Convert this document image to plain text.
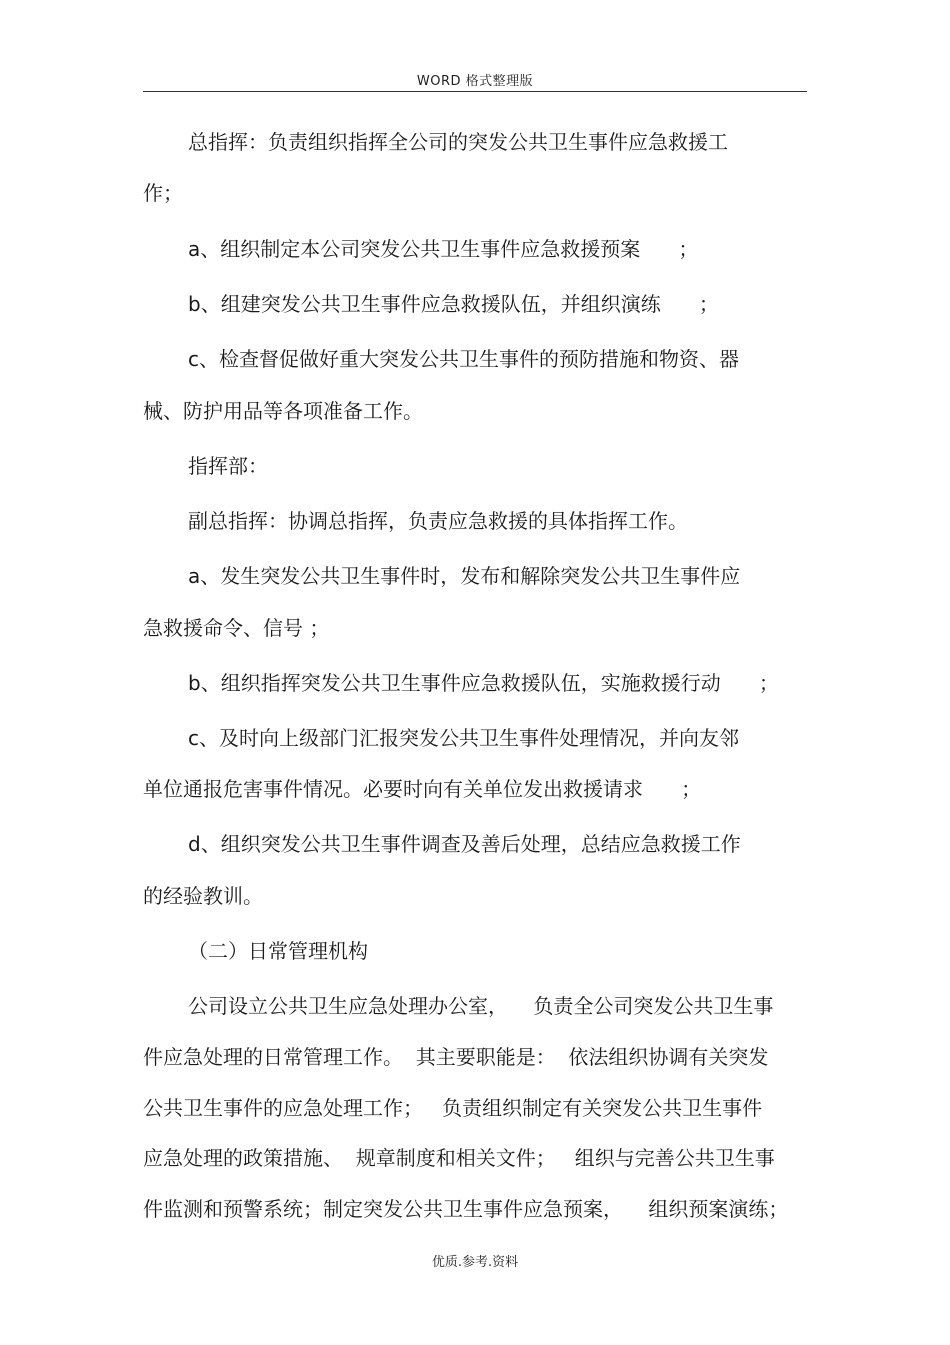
WORD 格式整理版
总指挥：负责组织指挥全公司的突发公共卫生事件应急救援工
作；
a、组织制定本公司突发公共卫生事件应急救援预案      ；
b、组建突发公共卫生事件应急救援队伍，并组织演练      ；
c、检查督促做好重大突发公共卫生事件的预防措施和物资、器
械、防护用品等各项准备工作。
指挥部：
副总指挥：协调总指挥，负责应急救援的具体指挥工作。
a、发生突发公共卫生事件时，发布和解除突发公共卫生事件应
急救援命令、信号 ；
b、组织指挥突发公共卫生事件应急救援队伍，实施救援行动      ；
c、及时向上级部门汇报突发公共卫生事件处理情况，并向友邻
单位通报危害事件情况。必要时向有关单位发出救援请求      ；
d、组织突发公共卫生事件调查及善后处理，总结应急救援工作
的经验教训。
（二）日常管理机构
公司设立公共卫生应急处理办公室，    负责全公司突发公共卫生事
件应急处理的日常管理工作。  其主要职能是：  依法组织协调有关突发
公共卫生事件的应急处理工作；   负责组织制定有关突发公共卫生事件
应急处理的政策措施、  规章制度和相关文件；   组织与完善公共卫生事
件监测和预警系统；制定突发公共卫生事件应急预案，    组织预案演练；
优质.参考.资料
